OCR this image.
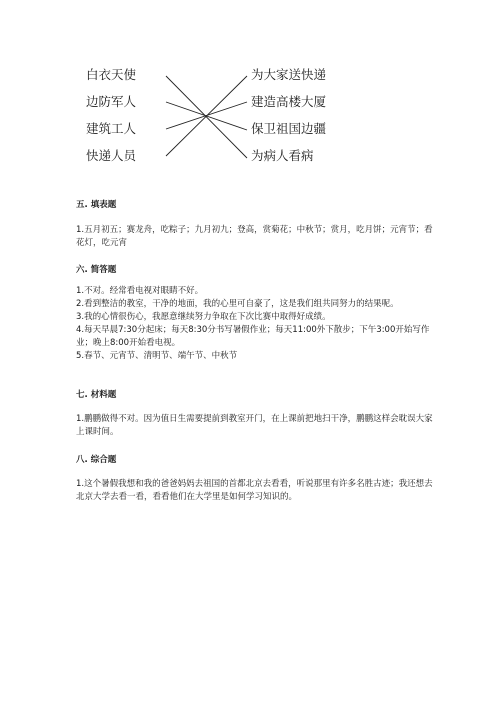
白衣天使
边防军人
建筑工人
快递人员
为大家送快递
建造高楼大厦
保卫祖国边疆
为病人看病
五. 填表题

1.五月初五；赛龙舟，吃粽子；九月初九；登高，赏菊花；中秋节；赏月，吃月饼；元宵节；看花灯，吃元宵

六. 简答题

1.不对。经常看电视对眼睛不好。

2.看到整洁的教室，干净的地面，我的心里可自豪了，这是我们组共同努力的结果呢。

3.我的心情很伤心，我愿意继续努力争取在下次比赛中取得好成绩。

4.每天早晨7:30分起床；每天8:30分书写暑假作业；每天11:00外下散步；下午3:00开始写作业；晚上8:00开始看电视。

5.春节、元宵节、清明节、端午节、中秋节

七. 材料题

1.鹏鹏做得不对。因为值日生需要提前到教室开门，在上课前把地扫干净，鹏鹏这样会耽误大家上课时间。

八. 综合题

1.这个暑假我想和我的爸爸妈妈去祖国的首都北京去看看，听说那里有许多名胜古迹；我还想去北京大学去看一看，看看他们在大学里是如何学习知识的。
